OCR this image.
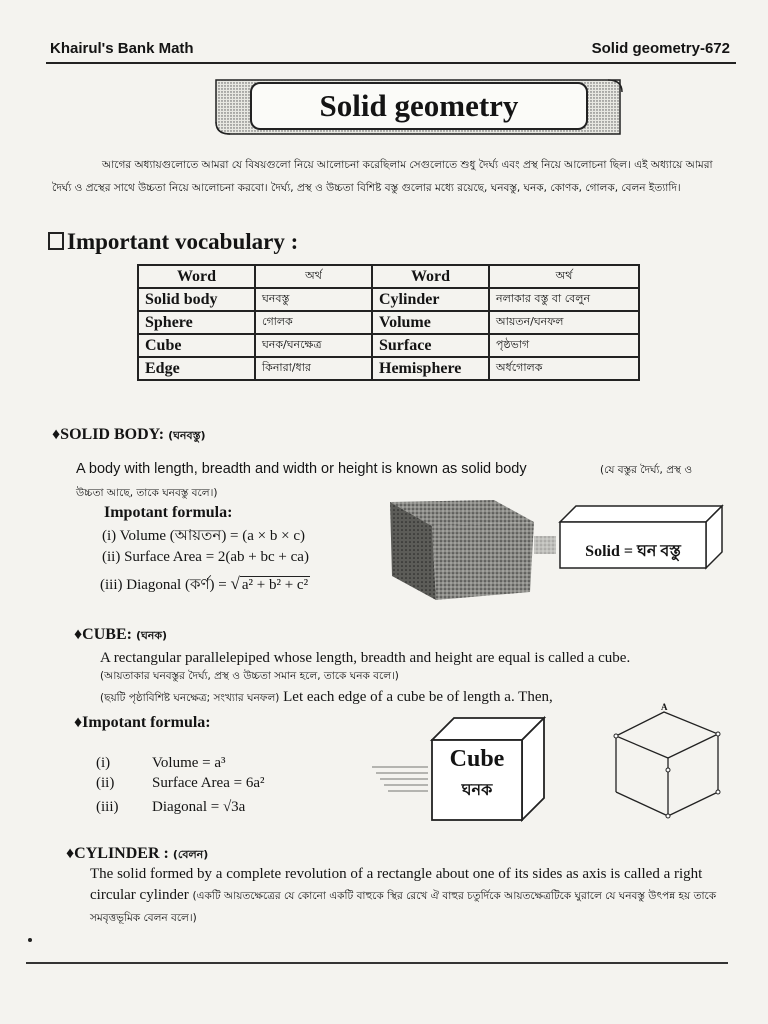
Khairul's Bank Math	Solid geometry-672
Solid geometry
আগের অধ্যায়গুলোতে আমরা যে বিষয়গুলো নিয়ে আলোচনা করেছিলাম সেগুলোতে শুধু দৈর্ঘ্য এবং প্রস্থ নিয়ে আলোচনা ছিল। এই অধ্যায়ে আমরা দৈর্ঘ্য ও প্রস্থের সাথে উচ্চতা নিয়ে আলোচনা করবো। দৈর্ঘ্য, প্রস্থ ও উচ্চতা বিশিষ্ট বস্তু গুলোর মধ্যে রয়েছে, ঘনবস্তু, ঘনক, কোণক, গোলক, বেলন ইত্যাদি।
Important vocabulary :
Word	অর্থ	Word	অর্থ
Solid body	ঘনবস্তু	Cylinder	নলাকার বস্তু বা বেলুন
Sphere	গোলক	Volume	আয়তন/ঘনফল
Cube	ঘনক/ঘনক্ষেত্র	Surface	পৃষ্ঠভাগ
Edge	কিনারা/ধার	Hemisphere	অর্ধগোলক
♦SOLID BODY: (ঘনবস্তু)
A body with length, breadth and width or height is known as solid body	(যে বস্তুর দৈর্ঘ্য, প্রস্থ ও
উচ্চতা আছে, তাকে ঘনবস্তু বলে।)
Impotant formula:
(i) Volume (আয়তন) = (a × b × c)
(ii) Surface Area = 2(ab + bc + ca)
(iii) Diagonal (কর্ণ) = √ a² + b² + c²
Solid = ঘন বস্তু
♦CUBE: (ঘনক)
A rectangular parallelepiped whose length, breadth and height are equal is called a cube.
(আয়তাকার ঘনবস্তুর দৈর্ঘ্য, প্রস্থ ও উচ্চতা সমান হলে, তাকে ঘনক বলে।)
(ছয়টি পৃষ্ঠাবিশিষ্ট ঘনক্ষেত্র; সংখ্যার ঘনফল) Let each edge of a cube be of length a. Then,
♦Impotant formula:
(i)	Volume = a³
(ii)	Surface Area = 6a²
(iii) Diagonal = √3a
Cube
ঘনক
A
♦CYLINDER : (বেলন)
The solid formed by a complete revolution of a rectangle about one of its sides as axis is called a right circular cylinder (একটি আয়তক্ষেত্রের যে কোনো একটি বাহুকে স্থির রেখে ঐ বাহুর চতুর্দিকে আয়তক্ষেত্রটিকে ঘুরালে যে ঘনবস্তু উৎপন্ন হয় তাকে সমবৃত্তভূমিক বেলন বলে।)
